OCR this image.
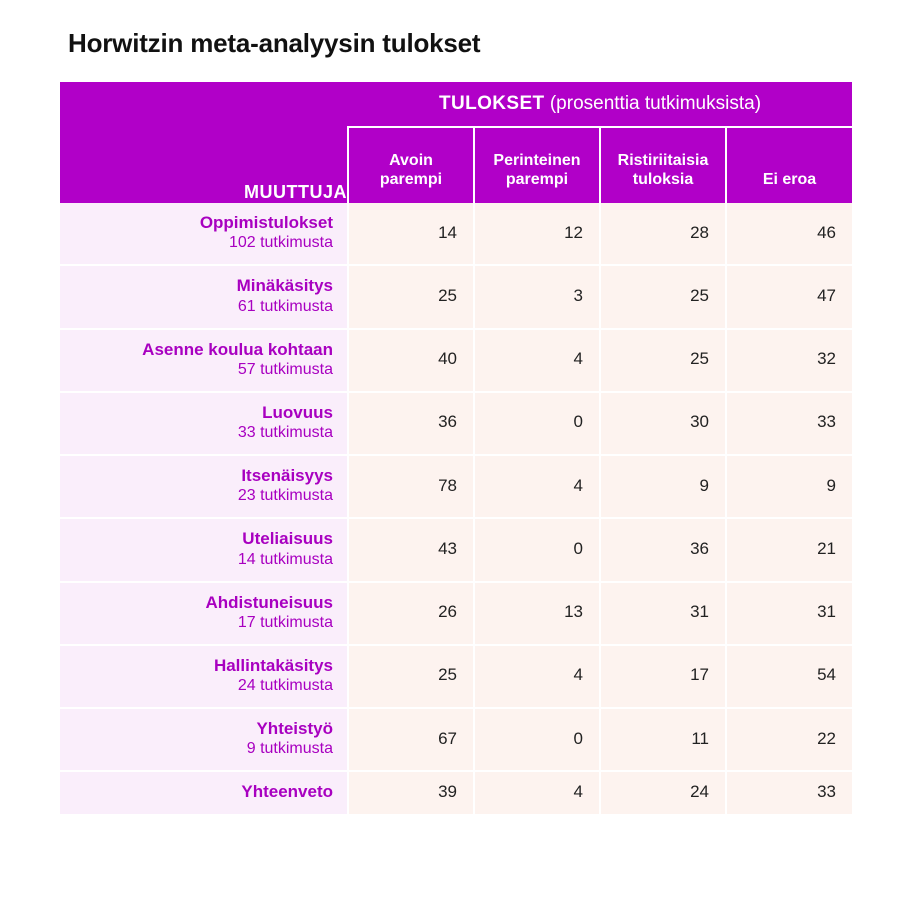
Horwitzin meta-analyysin tulokset
MUUTTUJA	TULOKSET (prosenttia tutkimuksista)			
	Avoin parempi	Perinteinen parempi	Ristiriitaisia tuloksia	Ei eroa

Oppimistulokset
102 tutkimusta	14	12	28	46

Minäkäsitys
61 tutkimusta	25	3	25	47

Asenne koulua kohtaan
57 tutkimusta	40	4	25	32

Luovuus
33 tutkimusta	36	0	30	33

Itsenäisyys
23 tutkimusta	78	4	9	9

Uteliaisuus
14 tutkimusta	43	0	36	21

Ahdistuneisuus
17 tutkimusta	26	13	31	31

Hallintakäsitys
24 tutkimusta	25	4	17	54

Yhteistyö
9 tutkimusta	67	0	11	22

Yhteenveto	39	4	24	33
